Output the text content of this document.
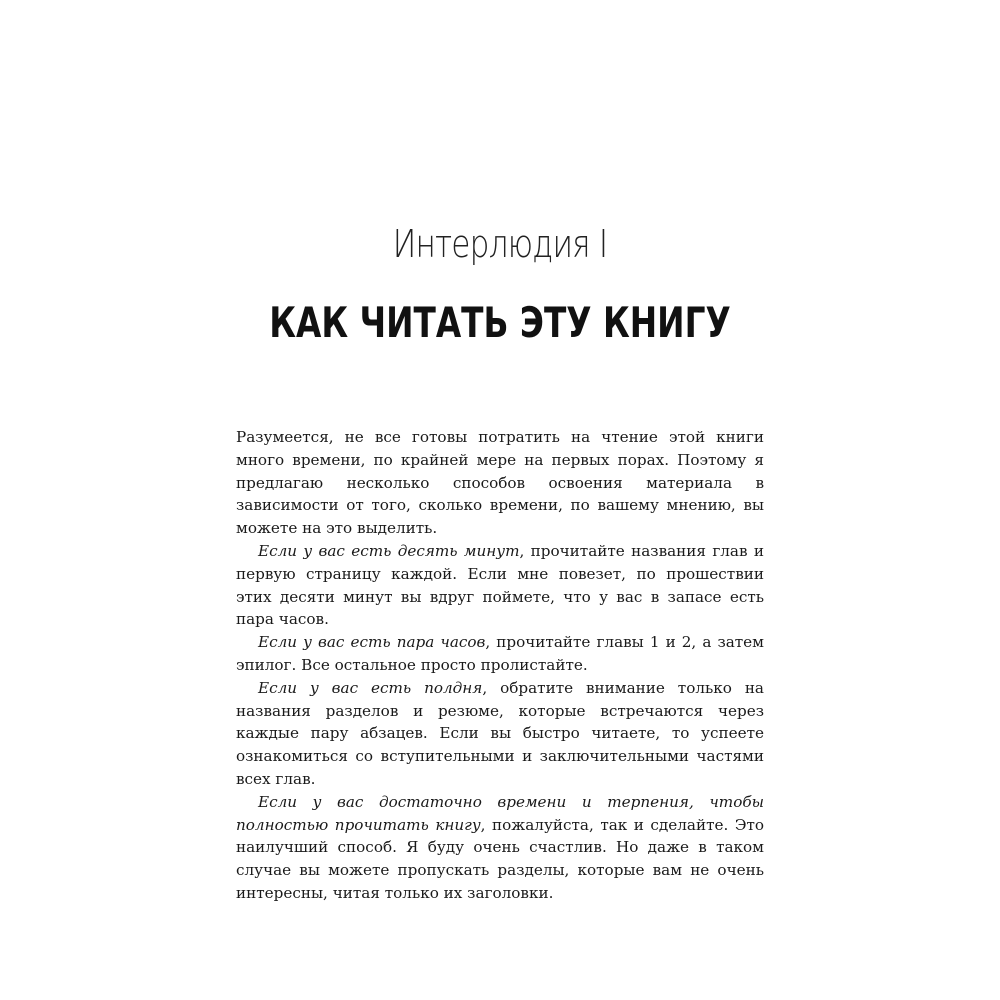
Интерлюдия I
КАК ЧИТАТЬ ЭТУ КНИГУ

Разумеется, не все готовы потратить на чтение этой книги много времени, по крайней мере на первых порах. Поэтому я предлагаю несколько способов освоения материала в зависимости от того, сколько времени, по вашему мнению, вы можете на это выделить.

Если у вас есть десять минут, прочитайте названия глав и первую страницу каждой. Если мне повезет, по прошествии этих десяти минут вы вдруг поймете, что у вас в запасе есть пара часов.

Если у вас есть пара часов, прочитайте главы 1 и 2, а затем эпилог. Все остальное просто пролистайте.

Если у вас есть полдня, обратите внимание только на названия разделов и резюме, которые встречаются через каждые пару абзацев. Если вы быстро читаете, то успеете ознакомиться со вступительными и заключительными частями всех глав.

Если у вас достаточно времени и терпения, чтобы полностью прочитать книгу, пожалуйста, так и сделайте. Это наилучший способ. Я буду очень счастлив. Но даже в таком случае вы можете пропускать разделы, которые вам не очень интересны, читая только их заголовки.
